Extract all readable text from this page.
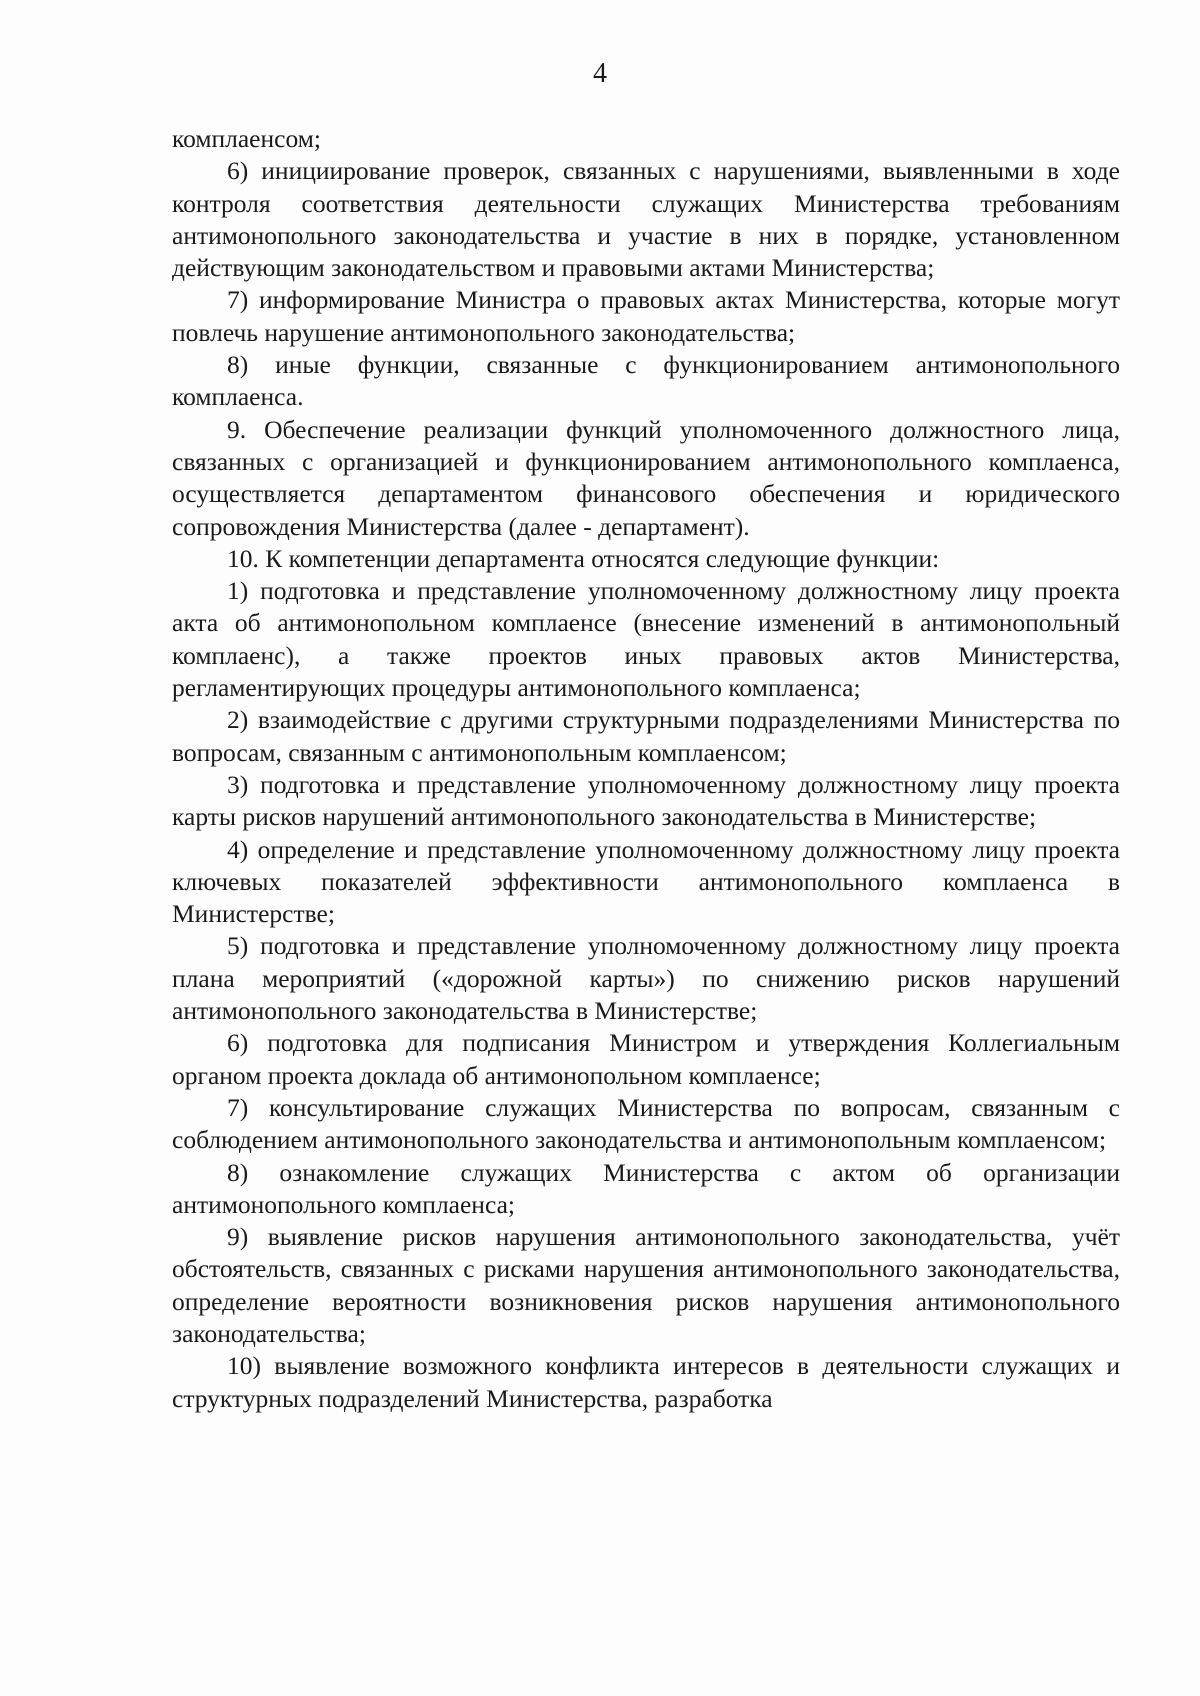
4

комплаенсом;

6) инициирование проверок, связанных с нарушениями, выявленными в ходе контроля соответствия деятельности служащих Министерства требованиям антимонопольного законодательства и участие в них в порядке, установленном действующим законодательством и правовыми актами Министерства;

7) информирование Министра о правовых актах Министерства, которые могут повлечь нарушение антимонопольного законодательства;

8) иные функции, связанные с функционированием антимонопольного комплаенса.

9. Обеспечение реализации функций уполномоченного должностного лица, связанных с организацией и функционированием антимонопольного комплаенса, осуществляется департаментом финансового обеспечения и юридического сопровождения Министерства (далее - департамент).

10. К компетенции департамента относятся следующие функции:

1) подготовка и представление уполномоченному должностному лицу проекта акта об антимонопольном комплаенсе (внесение изменений в антимонопольный комплаенс), а также проектов иных правовых актов Министерства, регламентирующих процедуры антимонопольного комплаенса;

2) взаимодействие с другими структурными подразделениями Министерства по вопросам, связанным с антимонопольным комплаенсом;

3) подготовка и представление уполномоченному должностному лицу проекта карты рисков нарушений антимонопольного законодательства в Министерстве;

4) определение и представление уполномоченному должностному лицу проекта ключевых показателей эффективности антимонопольного комплаенса в Министерстве;

5) подготовка и представление уполномоченному должностному лицу проекта плана мероприятий («дорожной карты») по снижению рисков нарушений антимонопольного законодательства в Министерстве;

6) подготовка для подписания Министром и утверждения Коллегиальным органом проекта доклада об антимонопольном комплаенсе;

7) консультирование служащих Министерства по вопросам, связанным с соблюдением антимонопольного законодательства и антимонопольным комплаенсом;

8) ознакомление служащих Министерства с актом об организации антимонопольного комплаенса;

9) выявление рисков нарушения антимонопольного законодательства, учёт обстоятельств, связанных с рисками нарушения антимонопольного законодательства, определение вероятности возникновения рисков нарушения антимонопольного законодательства;

10) выявление возможного конфликта интересов в деятельности служащих и структурных подразделений Министерства, разработка
